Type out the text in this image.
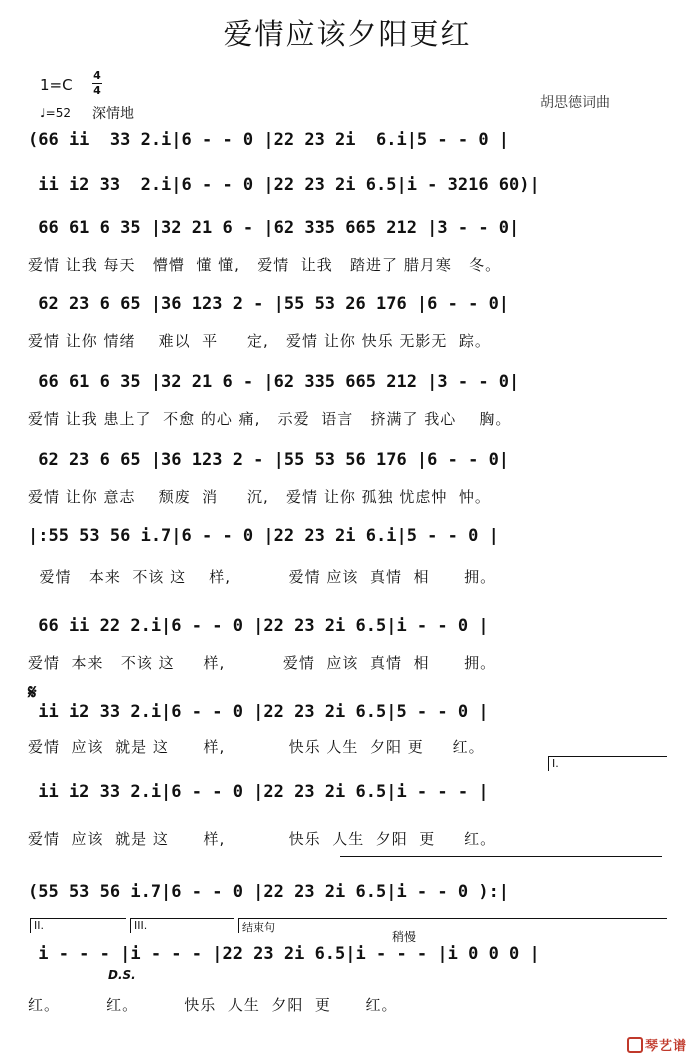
爱情应该夕阳更红
1=C
4
4
♩=52 深情地
胡思德词曲
(66 ii  33 2.i|6 - - 0 |22 23 2i  6.i|5 - - 0 |
ii i2 33  2.i|6 - - 0 |22 23 2i 6.5|i - 3216 60)|
66 61 6 35 |32 21 6 - |62 335 665 212 |3 - - 0|
爱情 让我 每天   懵懵  懂 懂,   爱情  让我   踏进了 腊月寒   冬。
62 23 6 65 |36 123 2 - |55 53 26 176 |6 - - 0|
爱情 让你 情绪    难以  平     定,   爱情 让你 快乐 无影无  踪。
66 61 6 35 |32 21 6 - |62 335 665 212 |3 - - 0|
爱情 让我 患上了  不愈 的心 痛,   示爱  语言   挤满了 我心    胸。
62 23 6 65 |36 123 2 - |55 53 56 176 |6 - - 0|
爱情 让你 意志    颓废  消     沉,   爱情 让你 孤独 忧虑忡  忡。
|:55 53 56 i.7|6 - - 0 |22 23 2i 6.i|5 - - 0 |
爱情   本来  不该 这    样,          爱情 应该  真情  相      拥。
66 ii 22 2.i|6 - - 0 |22 23 2i 6.5|i - - 0 |
爱情  本来   不该 这     样,          爱情  应该  真情  相      拥。
𝄋
ii i2 33 2.i|6 - - 0 |22 23 2i 6.5|5 - - 0 |
爱情  应该  就是 这      样,           快乐 人生  夕阳 更     红。
I.
ii i2 33 2.i|6 - - 0 |22 23 2i 6.5|i - - - |
爱情  应该  就是 这      样,           快乐  人生  夕阳  更     红。
(55 53 56 i.7|6 - - 0 |22 23 2i 6.5|i - - 0 ):|
II.	III.	结束句
稍慢
i - - - |i - - - |22 23 2i 6.5|i - - - |i 0 0 0 |
D.S.
红。        红。        快乐  人生  夕阳  更      红。
琴艺谱
